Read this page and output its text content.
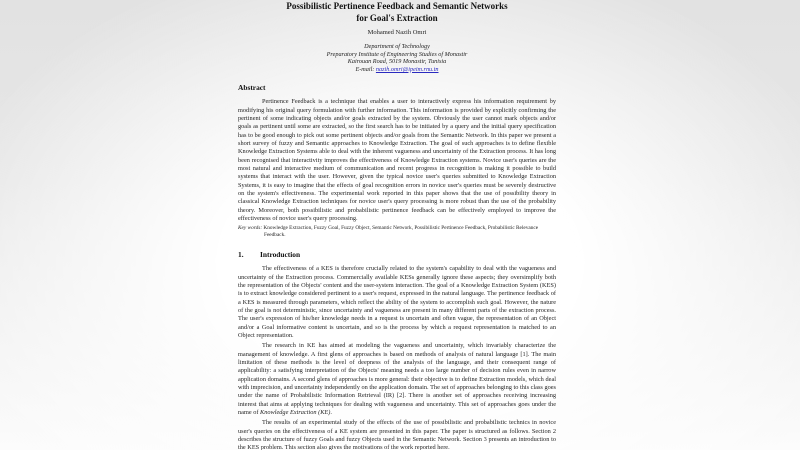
Possibilistic Pertinence Feedback and Semantic Networks for Goal's Extraction
Mohamed Nazih Omri
Department of Technology
Preparatory Institute of Engineering Studies of Monastir
Kairouan Road, 5019 Monastir, Tunisia
E-mail: nazih.omri@ipeim.rnu.tn
Abstract

Pertinence Feedback is a technique that enables a user to interactively express his information requirement by modifying his original query formulation with further information. This information is provided by explicitly confirming the pertinent of some indicating objects and/or goals extracted by the system. Obviously the user cannot mark objects and/or goals as pertinent until some are extracted, so the first search has to be initiated by a query and the initial query specification has to be good enough to pick out some pertinent objects and/or goals from the Semantic Network. In this paper we present a short survey of fuzzy and Semantic approaches to Knowledge Extraction. The goal of such approaches is to define flexible Knowledge Extraction Systems able to deal with the inherent vagueness and uncertainty of the Extraction process. It has long been recognised that interactivity improves the effectiveness of Knowledge Extraction systems. Novice user's queries are the most natural and interactive medium of communication and recent progress in recognition is making it possible to build systems that interact with the user. However, given the typical novice user's queries submitted to Knowledge Extraction Systems, it is easy to imagine that the effects of goal recognition errors in novice user's queries must be severely destructive on the system's effectiveness. The experimental work reported in this paper shows that the use of possibility theory in classical Knowledge Extraction techniques for novice user's query processing is more robust than the use of the probability theory. Moreover, both possibilistic and probabilistic pertinence feedback can be effectively employed to improve the effectiveness of novice user's query processing.

Key words: Knowledge Extraction, Fuzzy Goal, Fuzzy Object, Semantic Network, Possibilistic Pertinence Feedback, Probabilistic Relevance Feedback.

1. Introduction

The effectiveness of a KES is therefore crucially related to the system's capability to deal with the vagueness and uncertainty of the Extraction process. Commercially available KESs generally ignore these aspects; they oversimplify both the representation of the Objects' content and the user-system interaction. The goal of a Knowledge Extraction System (KES) is to extract knowledge considered pertinent to a user's request, expressed in the natural language. The pertinence feedback of a KES is measured through parameters, which reflect the ability of the system to accomplish such goal. However, the nature of the goal is not deterministic, since uncertainty and vagueness are present in many different parts of the extraction process. The user's expression of his/her knowledge needs in a request is uncertain and often vague, the representation of an Object and/or a Goal informative content is uncertain, and so is the process by which a request representation is matched to an Object representation.

The research in KE has aimed at modeling the vagueness and uncertainty, which invariably characterize the management of knowledge. A first glens of approaches is based on methods of analysis of natural language [1]. The main limitation of these methods is the level of deepness of the analysis of the language, and their consequent range of applicability: a satisfying interpretation of the Objects' meaning needs a too large number of decision rules even in narrow application domains. A second glens of approaches is more general: their objective is to define Extraction models, which deal with imprecision, and uncertainty independently on the application domain. The set of approaches belonging to this class goes under the name of Probabilistic Information Retrieval (IR) [2]. There is another set of approaches receiving increasing interest that aims at applying techniques for dealing with vagueness and uncertainty. This set of approaches goes under the name of Knowledge Extraction (KE).

The results of an experimental study of the effects of the use of possibilistic and probabilistic technics in novice user's queries on the effectiveness of a KE system are presented in this paper. The paper is structured as follows. Section 2 describes the structure of fuzzy Goals and fuzzy Objects used in the Semantic Network. Section 3 presents an introduction to the KES problem. This section also gives the motivations of the work reported here.
